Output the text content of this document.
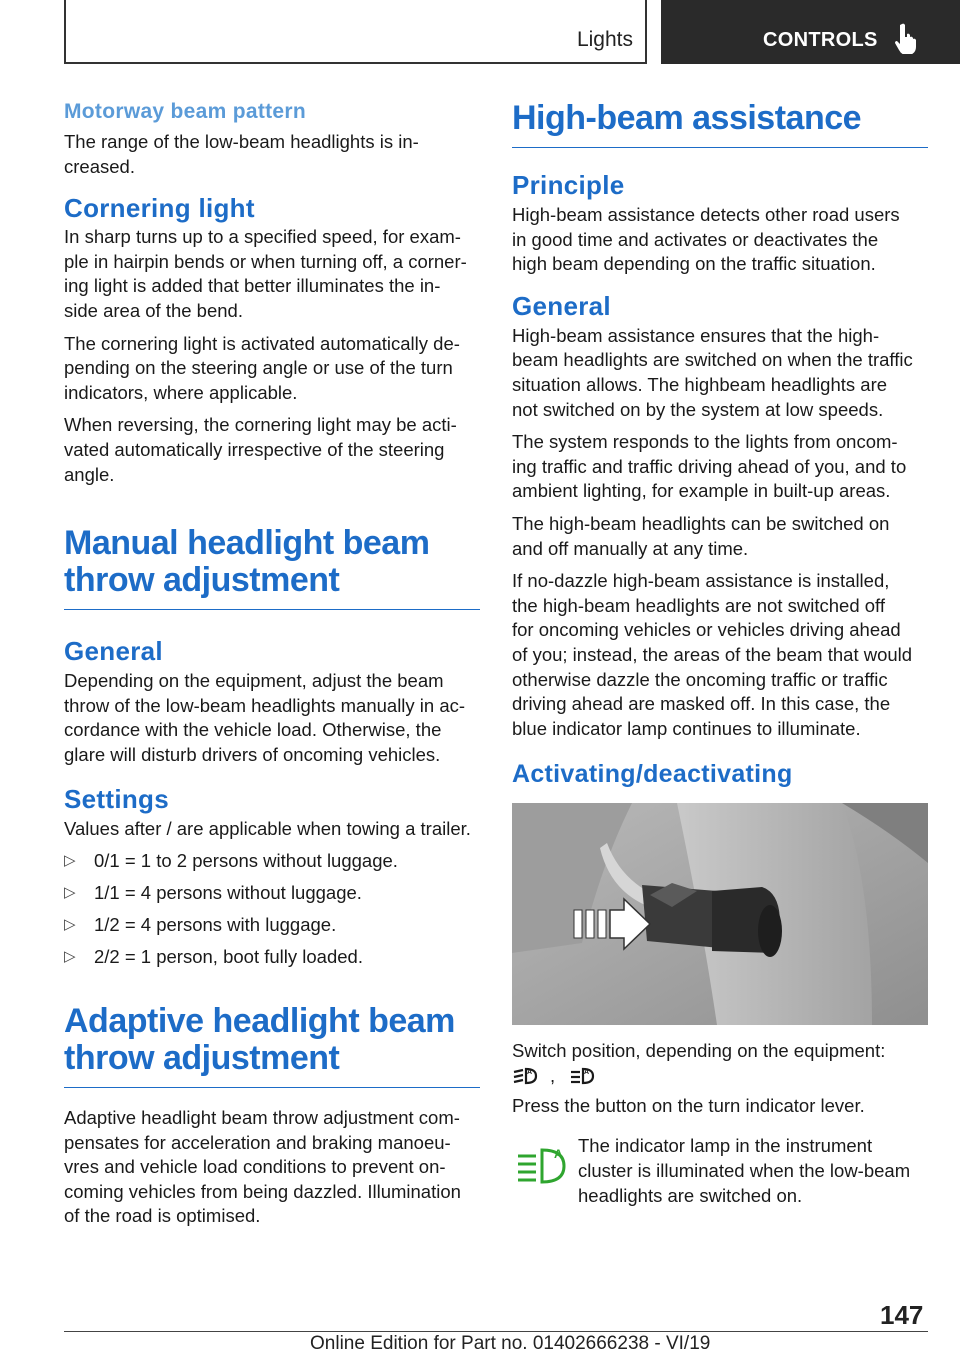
Lights	CONTROLS
Motorway beam pattern

The range of the low-beam headlights is in-
creased.

Cornering light

In sharp turns up to a specified speed, for exam-
ple in hairpin bends or when turning off, a corner-
ing light is added that better illuminates the in-
side area of the bend.

The cornering light is activated automatically de-
pending on the steering angle or use of the turn
indicators, where applicable.

When reversing, the cornering light may be acti-
vated automatically irrespective of the steering
angle.

Manual headlight beam
throw adjustment
General

Depending on the equipment, adjust the beam
throw of the low-beam headlights manually in ac-
cordance with the vehicle load. Otherwise, the
glare will disturb drivers of oncoming vehicles.

Settings

Values after / are applicable when towing a trailer.

▷ 0/1 = 1 to 2 persons without luggage.
▷ 1/1 = 4 persons without luggage.
▷ 1/2 = 4 persons with luggage.
▷ 2/2 = 1 person, boot fully loaded.
Adaptive headlight beam
throw adjustment

Adaptive headlight beam throw adjustment com-
pensates for acceleration and braking manoeu-
vres and vehicle load conditions to prevent on-
coming vehicles from being dazzled. Illumination
of the road is optimised.

High-beam assistance
Principle

High-beam assistance detects other road users
in good time and activates or deactivates the
high beam depending on the traffic situation.

General

High-beam assistance ensures that the high-
beam headlights are switched on when the traffic
situation allows. The highbeam headlights are
not switched on by the system at low speeds.

The system responds to the lights from oncom-
ing traffic and traffic driving ahead of you, and to
ambient lighting, for example in built-up areas.

The high-beam headlights can be switched on
and off manually at any time.

If no-dazzle high-beam assistance is installed,
the high-beam headlights are not switched off
for oncoming vehicles or vehicles driving ahead
of you; instead, the areas of the beam that would
otherwise dazzle the oncoming traffic or traffic
driving ahead are masked off. In this case, the
blue indicator lamp continues to illuminate.

Activating/deactivating

Switch position, depending on the equipment:

A ,	A

Press the button on the turn indicator lever.

A The indicator lamp in the instrument
cluster is illuminated when the low-beam
headlights are switched on.

147
Online Edition for Part no. 01402666238 - VI/19
